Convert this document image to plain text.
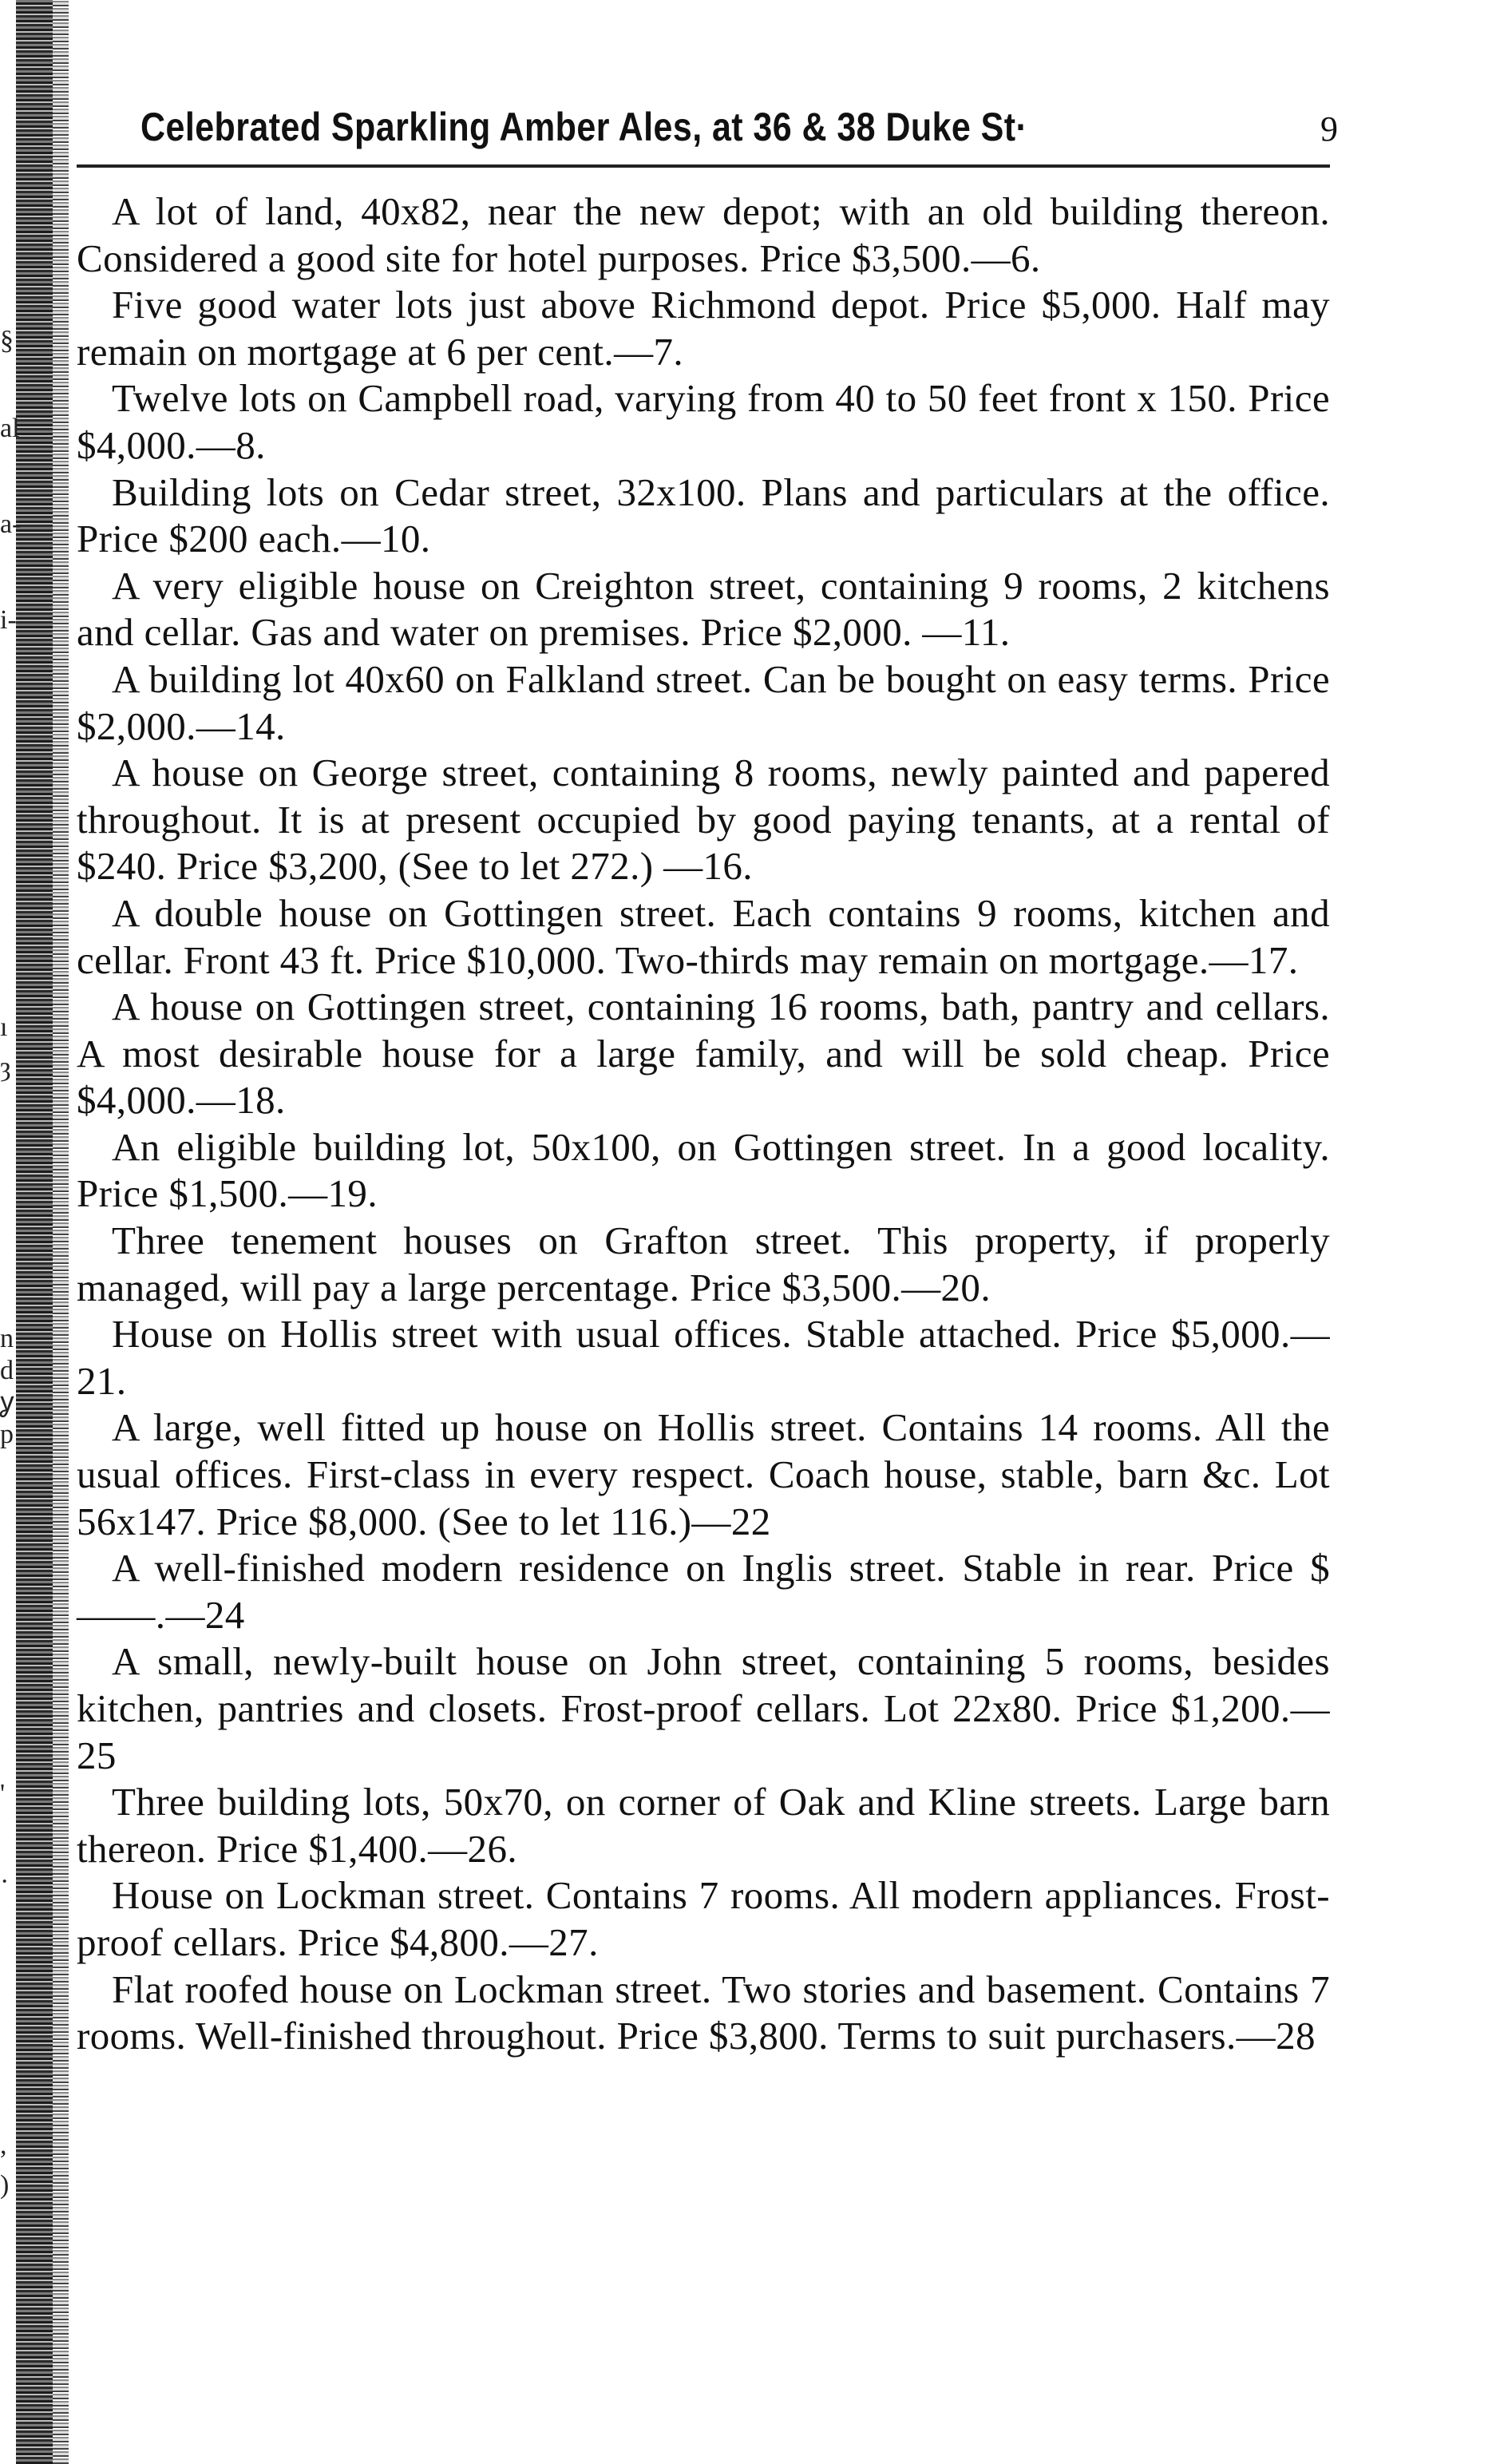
Celebrated Sparkling Amber Ales, at 36 & 38 Duke St·	9

A lot of land, 40x82, near the new depot; with an old building thereon. Considered a good site for hotel purposes. Price $3,500.—6.

Five good water lots just above Richmond depot. Price $5,000. Half may remain on mortgage at 6 per cent.—7.

Twelve lots on Campbell road, varying from 40 to 50 feet front x 150. Price $4,000.—8.

Building lots on Cedar street, 32x100. Plans and particulars at the office. Price $200 each.—10.

A very eligible house on Creighton street, containing 9 rooms, 2 kitchens and cellar. Gas and water on premises. Price $2,000. —11.

A building lot 40x60 on Falkland street. Can be bought on easy terms. Price $2,000.—14.

A house on George street, containing 8 rooms, newly painted and papered throughout. It is at present occupied by good paying tenants, at a rental of $240. Price $3,200, (See to let 272.) —16.

A double house on Gottingen street. Each contains 9 rooms, kitchen and cellar. Front 43 ft. Price $10,000. Two-thirds may remain on mortgage.—17.

A house on Gottingen street, containing 16 rooms, bath, pantry and cellars. A most desirable house for a large family, and will be sold cheap. Price $4,000.—18.

An eligible building lot, 50x100, on Gottingen street. In a good locality. Price $1,500.—19.

Three tenement houses on Grafton street. This property, if properly managed, will pay a large percentage. Price $3,500.—20.

House on Hollis street with usual offices. Stable attached. Price $5,000.—21.

A large, well fitted up house on Hollis street. Contains 14 rooms. All the usual offices. First-class in every respect. Coach house, stable, barn &c. Lot 56x147. Price $8,000. (See to let 116.)—22

A well-finished modern residence on Inglis street. Stable in rear. Price $——.—24

A small, newly-built house on John street, containing 5 rooms, besides kitchen, pantries and closets. Frost-proof cellars. Lot 22x80. Price $1,200.—25

Three building lots, 50x70, on corner of Oak and Kline streets. Large barn thereon. Price $1,400.—26.

House on Lockman street. Contains 7 rooms. All modern appliances. Frost-proof cellars. Price $4,800.—27.

Flat roofed house on Lockman street. Two stories and basement. Contains 7 rooms. Well-finished throughout. Price $3,800. Terms to suit purchasers.—28

§
al
a-
i-
ı
ȝ
n
d
ỿ
p
'
·
,
)
